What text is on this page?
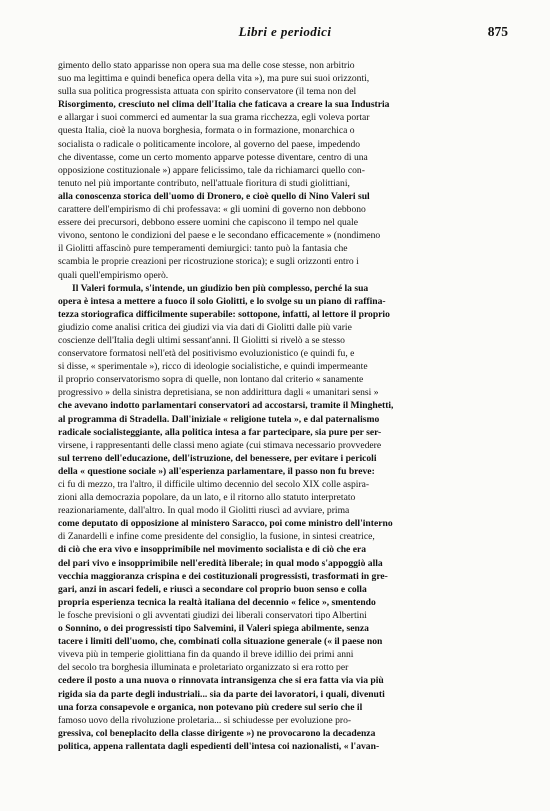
Libri e periodici	875
gimento dello stato apparisse non opera sua ma delle cose stesse, non arbitrio
suo ma legittima e quindi benefica opera della vita »), ma pure sui suoi orizzonti,
sulla sua politica progressista attuata con spirito conservatore (il tema non del
Risorgimento, cresciuto nel clima dell'Italia che faticava a creare la sua Industria
e allargar i suoi commerci ed aumentar la sua grama ricchezza, egli voleva portar
questa Italia, cioè la nuova borghesia, formata o in formazione, monarchica o
socialista o radicale o politicamente incolore, al governo del paese, impedendo
che diventasse, come un certo momento apparve potesse diventare, centro di una
opposizione costituzionale ») appare felicissimo, tale da richiamarci quello con-
tenuto nel più importante contributo, nell'attuale fioritura di studi giolittiani,
alla conoscenza storica dell'uomo di Dronero, e cioè quello di Nino Valeri sul
carattere dell'empirismo di chi professava: « gli uomini di governo non debbono
essere dei precursori, debbono essere uomini che capiscono il tempo nel quale
vivono, sentono le condizioni del paese e le secondano efficacemente » (nondimeno
il Giolitti affascinò pure temperamenti demiurgici: tanto può la fantasia che
scambia le proprie creazioni per ricostruzione storica); e sugli orizzonti entro i
quali quell'empirismo operò.
Il Valeri formula, s'intende, un giudizio ben più complesso, perché la sua
opera è intesa a mettere a fuoco il solo Giolitti, e lo svolge su un piano di raffina-
tezza storiografica difficilmente superabile: sottopone, infatti, al lettore il proprio
giudizio come analisi critica dei giudizi via via dati di Giolitti dalle più varie
coscienze dell'Italia degli ultimi sessant'anni. Il Giolitti si rivelò a se stesso
conservatore formatosi nell'età del positivismo evoluzionistico (e quindi fu, e
si disse, « sperimentale »), ricco di ideologie socialistiche, e quindi impermeante
il proprio conservatorismo sopra di quelle, non lontano dal criterio « sanamente
progressivo » della sinistra depretisiana, se non addirittura dagli « umanitari sensi »
che avevano indotto parlamentari conservatori ad accostarsi, tramite il Minghetti,
al programma di Stradella. Dall'iniziale « religione tutela », e dal paternalismo
radicale socialisteggiante, alla politica intesa a far partecipare, sia pure per ser-
virsene, i rappresentanti delle classi meno agiate (cui stimava necessario provvedere
sul terreno dell'educazione, dell'istruzione, del benessere, per evitare i pericoli
della « questione sociale ») all'esperienza parlamentare, il passo non fu breve:
ci fu di mezzo, tra l'altro, il difficile ultimo decennio del secolo XIX colle aspira-
zioni alla democrazia popolare, da un lato, e il ritorno allo statuto interpretato
reazionariamente, dall'altro. In qual modo il Giolitti riuscì ad avviare, prima
come deputato di opposizione al ministero Saracco, poi come ministro dell'interno
di Zanardelli e infine come presidente del consiglio, la fusione, in sintesi creatrice,
di ciò che era vivo e insopprimibile nel movimento socialista e di ciò che era
del pari vivo e insopprimibile nell'eredità liberale; in qual modo s'appoggiò alla
vecchia maggioranza crispina e dei costituzionali progressisti, trasformati in gre-
gari, anzi in ascari fedeli, e riuscì a secondare col proprio buon senso e colla
propria esperienza tecnica la realtà italiana del decennio « felice », smentendo
le fosche previsioni o gli avventati giudizi dei liberali conservatori tipo Albertini
o Sonnino, o dei progressisti tipo Salvemini, il Valeri spiega abilmente, senza
tacere i limiti dell'uomo, che, combinati colla situazione generale (« il paese non
viveva più in temperie giolittiana fin da quando il breve idillio dei primi anni
del secolo tra borghesia illuminata e proletariato organizzato si era rotto per
cedere il posto a una nuova o rinnovata intransigenza che si era fatta via via più
rigida sia da parte degli industriali... sia da parte dei lavoratori, i quali, divenuti
una forza consapevole e organica, non potevano più credere sul serio che il
famoso uovo della rivoluzione proletaria... si schiudesse per evoluzione pro-
gressiva, col beneplacito della classe dirigente ») ne provocarono la decadenza
politica, appena rallentata dagli espedienti dell'intesa coi nazionalisti, « l'avan-
